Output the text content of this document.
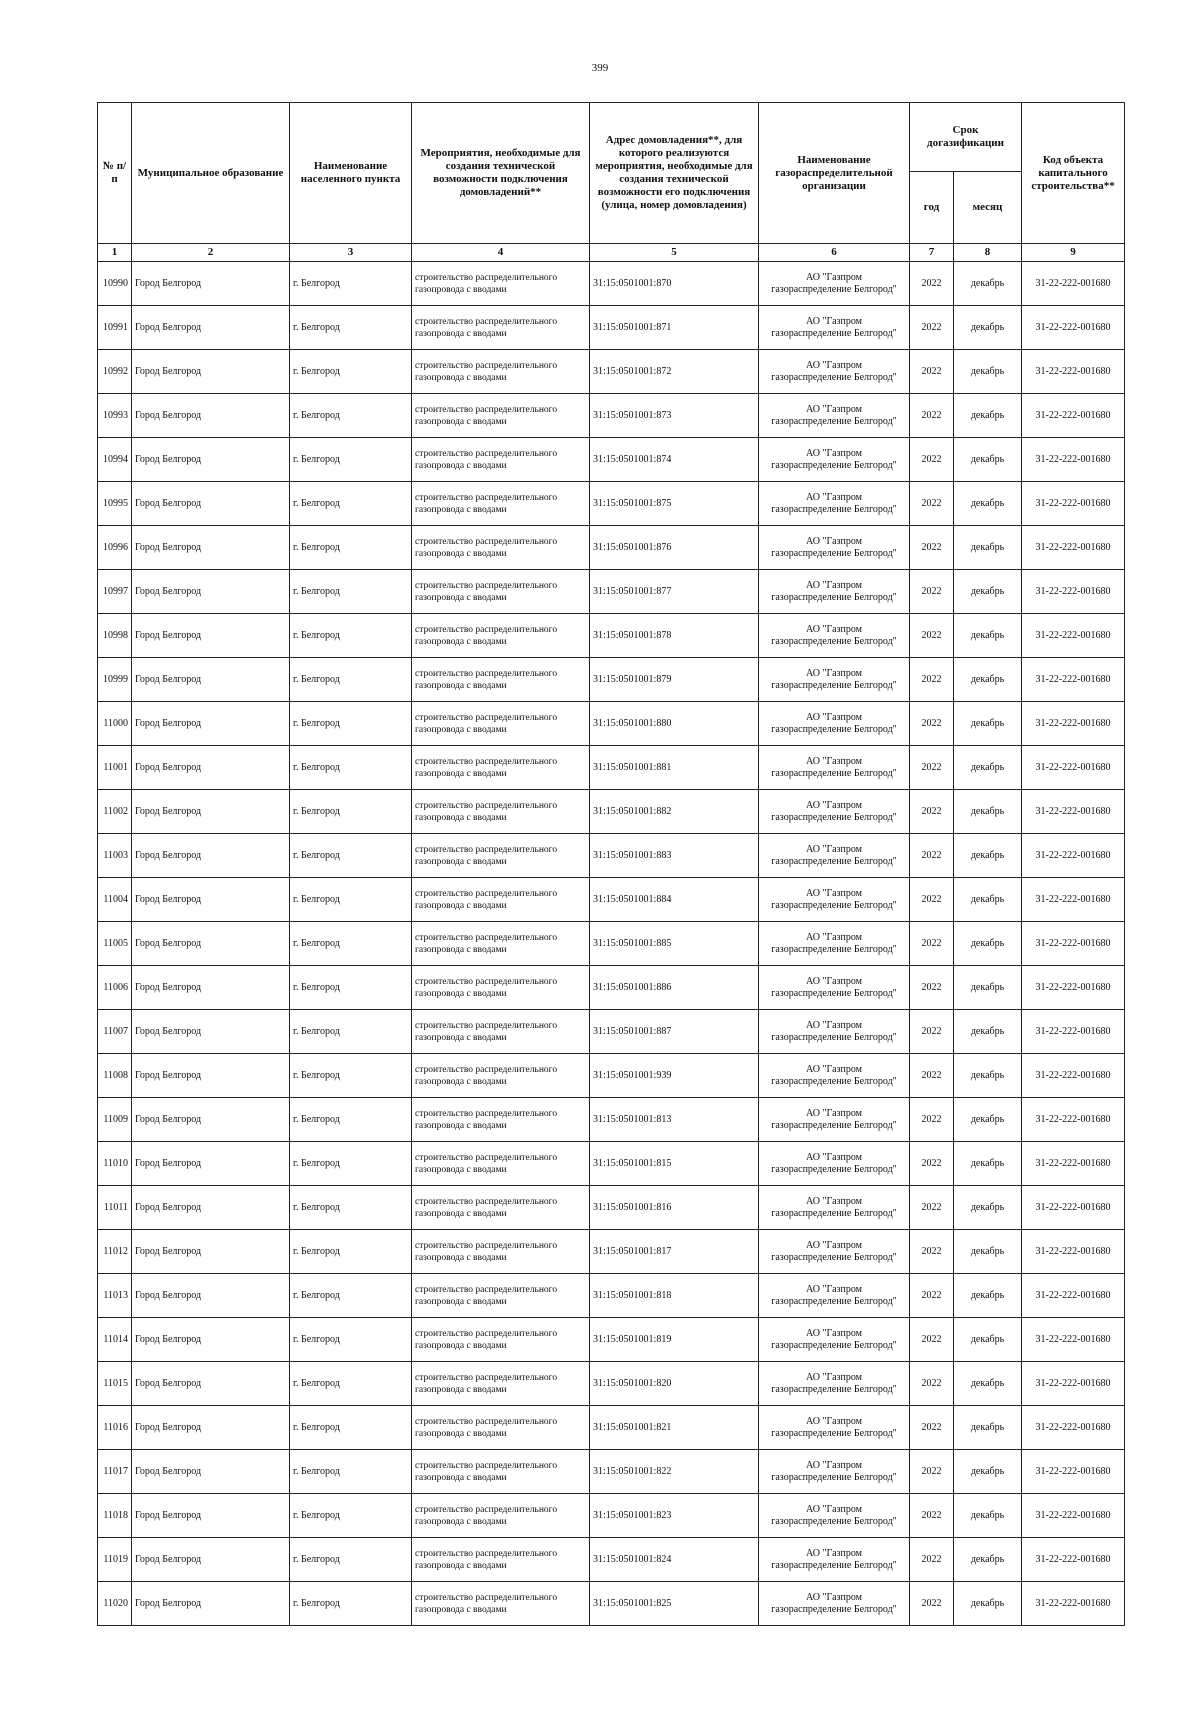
399
№ п/п	Муниципальное образование	Наименование населенного пункта	Мероприятия, необходимые для создания технической возможности подключения домовладений**	Адрес домовладения**, для которого реализуются мероприятия, необходимые для создания технической возможности его подключения (улица, номер домовладения)	Наименование газораспределительной организации	Срок догазификации		Код объекта капитального строительства**
						год	месяц	
1	2	3	4	5	6	7	8	9
10990	Город Белгород	г. Белгород	строительство распределительного газопровода с вводами	31:15:0501001:870	АО "Газпром
газораспределение Белгород"	2022	декабрь	31-22-222-001680
10991	Город Белгород	г. Белгород	строительство распределительного газопровода с вводами	31:15:0501001:871	АО "Газпром
газораспределение Белгород"	2022	декабрь	31-22-222-001680
10992	Город Белгород	г. Белгород	строительство распределительного газопровода с вводами	31:15:0501001:872	АО "Газпром
газораспределение Белгород"	2022	декабрь	31-22-222-001680
10993	Город Белгород	г. Белгород	строительство распределительного газопровода с вводами	31:15:0501001:873	АО "Газпром
газораспределение Белгород"	2022	декабрь	31-22-222-001680
10994	Город Белгород	г. Белгород	строительство распределительного газопровода с вводами	31:15:0501001:874	АО "Газпром
газораспределение Белгород"	2022	декабрь	31-22-222-001680
10995	Город Белгород	г. Белгород	строительство распределительного газопровода с вводами	31:15:0501001:875	АО "Газпром
газораспределение Белгород"	2022	декабрь	31-22-222-001680
10996	Город Белгород	г. Белгород	строительство распределительного газопровода с вводами	31:15:0501001:876	АО "Газпром
газораспределение Белгород"	2022	декабрь	31-22-222-001680
10997	Город Белгород	г. Белгород	строительство распределительного газопровода с вводами	31:15:0501001:877	АО "Газпром
газораспределение Белгород"	2022	декабрь	31-22-222-001680
10998	Город Белгород	г. Белгород	строительство распределительного газопровода с вводами	31:15:0501001:878	АО "Газпром
газораспределение Белгород"	2022	декабрь	31-22-222-001680
10999	Город Белгород	г. Белгород	строительство распределительного газопровода с вводами	31:15:0501001:879	АО "Газпром
газораспределение Белгород"	2022	декабрь	31-22-222-001680
11000	Город Белгород	г. Белгород	строительство распределительного газопровода с вводами	31:15:0501001:880	АО "Газпром
газораспределение Белгород"	2022	декабрь	31-22-222-001680
11001	Город Белгород	г. Белгород	строительство распределительного газопровода с вводами	31:15:0501001:881	АО "Газпром
газораспределение Белгород"	2022	декабрь	31-22-222-001680
11002	Город Белгород	г. Белгород	строительство распределительного газопровода с вводами	31:15:0501001:882	АО "Газпром
газораспределение Белгород"	2022	декабрь	31-22-222-001680
11003	Город Белгород	г. Белгород	строительство распределительного газопровода с вводами	31:15:0501001:883	АО "Газпром
газораспределение Белгород"	2022	декабрь	31-22-222-001680
11004	Город Белгород	г. Белгород	строительство распределительного газопровода с вводами	31:15:0501001:884	АО "Газпром
газораспределение Белгород"	2022	декабрь	31-22-222-001680
11005	Город Белгород	г. Белгород	строительство распределительного газопровода с вводами	31:15:0501001:885	АО "Газпром
газораспределение Белгород"	2022	декабрь	31-22-222-001680
11006	Город Белгород	г. Белгород	строительство распределительного газопровода с вводами	31:15:0501001:886	АО "Газпром
газораспределение Белгород"	2022	декабрь	31-22-222-001680
11007	Город Белгород	г. Белгород	строительство распределительного газопровода с вводами	31:15:0501001:887	АО "Газпром
газораспределение Белгород"	2022	декабрь	31-22-222-001680
11008	Город Белгород	г. Белгород	строительство распределительного газопровода с вводами	31:15:0501001:939	АО "Газпром
газораспределение Белгород"	2022	декабрь	31-22-222-001680
11009	Город Белгород	г. Белгород	строительство распределительного газопровода с вводами	31:15:0501001:813	АО "Газпром
газораспределение Белгород"	2022	декабрь	31-22-222-001680
11010	Город Белгород	г. Белгород	строительство распределительного газопровода с вводами	31:15:0501001:815	АО "Газпром
газораспределение Белгород"	2022	декабрь	31-22-222-001680
11011	Город Белгород	г. Белгород	строительство распределительного газопровода с вводами	31:15:0501001:816	АО "Газпром
газораспределение Белгород"	2022	декабрь	31-22-222-001680
11012	Город Белгород	г. Белгород	строительство распределительного газопровода с вводами	31:15:0501001:817	АО "Газпром
газораспределение Белгород"	2022	декабрь	31-22-222-001680
11013	Город Белгород	г. Белгород	строительство распределительного газопровода с вводами	31:15:0501001:818	АО "Газпром
газораспределение Белгород"	2022	декабрь	31-22-222-001680
11014	Город Белгород	г. Белгород	строительство распределительного газопровода с вводами	31:15:0501001:819	АО "Газпром
газораспределение Белгород"	2022	декабрь	31-22-222-001680
11015	Город Белгород	г. Белгород	строительство распределительного газопровода с вводами	31:15:0501001:820	АО "Газпром
газораспределение Белгород"	2022	декабрь	31-22-222-001680
11016	Город Белгород	г. Белгород	строительство распределительного газопровода с вводами	31:15:0501001:821	АО "Газпром
газораспределение Белгород"	2022	декабрь	31-22-222-001680
11017	Город Белгород	г. Белгород	строительство распределительного газопровода с вводами	31:15:0501001:822	АО "Газпром
газораспределение Белгород"	2022	декабрь	31-22-222-001680
11018	Город Белгород	г. Белгород	строительство распределительного газопровода с вводами	31:15:0501001:823	АО "Газпром
газораспределение Белгород"	2022	декабрь	31-22-222-001680
11019	Город Белгород	г. Белгород	строительство распределительного газопровода с вводами	31:15:0501001:824	АО "Газпром
газораспределение Белгород"	2022	декабрь	31-22-222-001680
11020	Город Белгород	г. Белгород	строительство распределительного газопровода с вводами	31:15:0501001:825	АО "Газпром
газораспределение Белгород"	2022	декабрь	31-22-222-001680
